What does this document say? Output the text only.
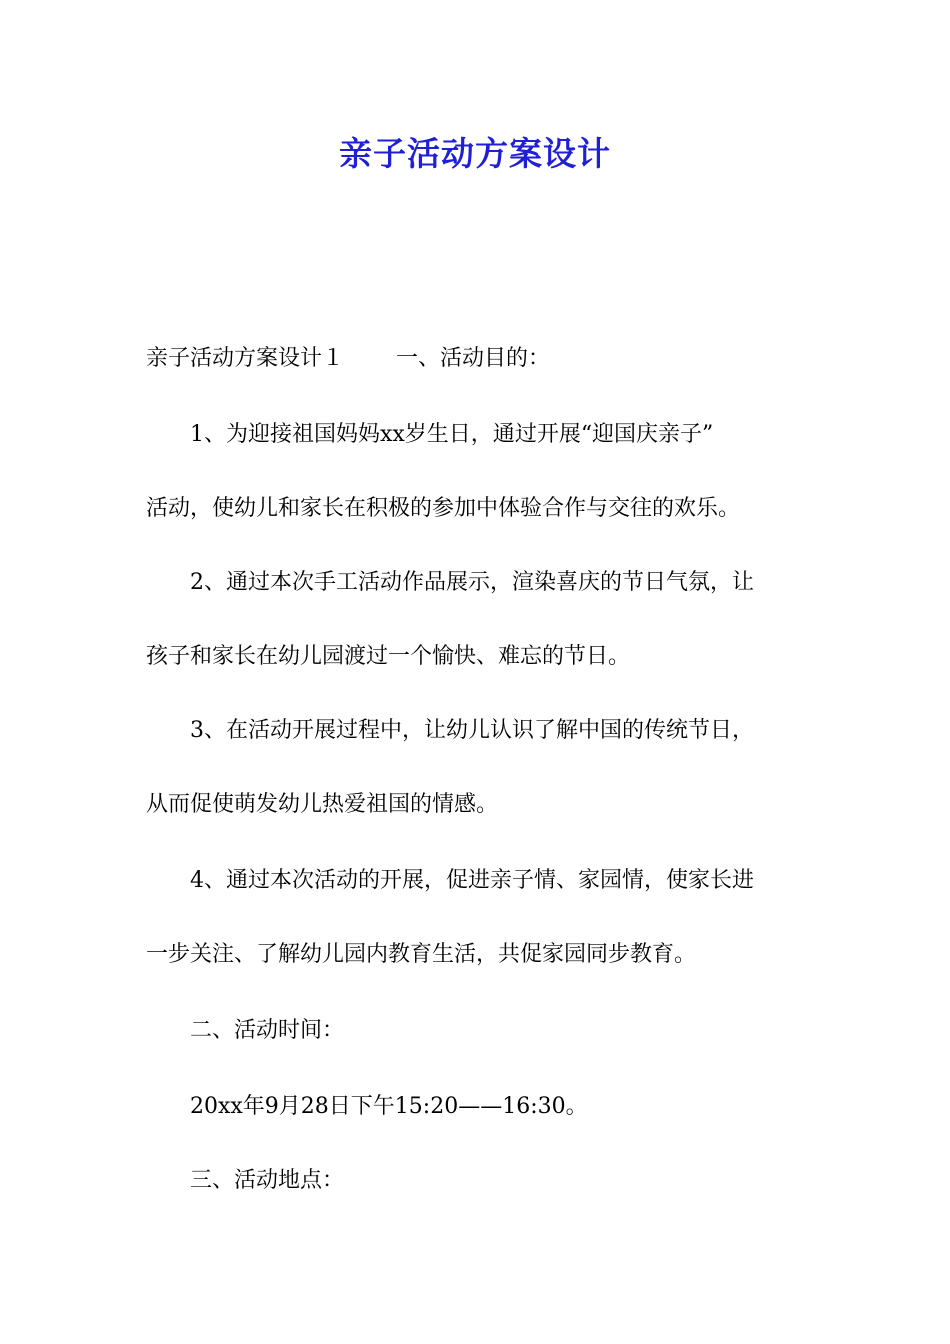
亲子活动方案设计

亲子活动方案设计１ 一、活动目的：

1、为迎接祖国妈妈xx岁生日，通过开展“迎国庆亲子”

活动，使幼儿和家长在积极的参加中体验合作与交往的欢乐。

2、通过本次手工活动作品展示，渲染喜庆的节日气氛，让

孩子和家长在幼儿园渡过一个愉快、难忘的节日。

3、在活动开展过程中，让幼儿认识了解中国的传统节日，

从而促使萌发幼儿热爱祖国的情感。

4、通过本次活动的开展，促进亲子情、家园情，使家长进

一步关注、了解幼儿园内教育生活，共促家园同步教育。

二、活动时间：

20xx年9月28日下午15:20——16:30。

三、活动地点：
